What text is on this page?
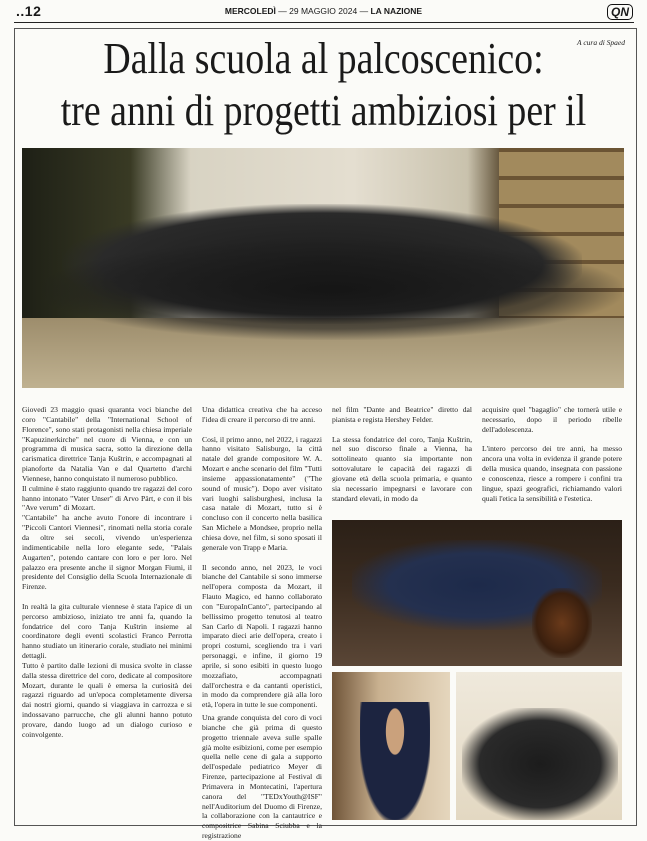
..12	MERCOLEDÌ — 29 MAGGIO 2024 — LA NAZIONE	QN
A cura di Spaed
Dalla scuola al palcoscenico:
tre anni di progetti ambiziosi per il

Giovedì 23 maggio quasi quaranta voci bianche del coro "Cantabile" della "International School of Florence", sono stati protagonisti nella chiesa imperiale "Kapuzinerkirche" nel cuore di Vienna, e con un programma di musica sacra, sotto la direzione della carismatica direttrice Tanja Kuštrin, e accompagnati al pianoforte da Natalia Van e dal Quartetto d'archi Viennese, hanno conquistato il numeroso pubblico.

Il culmine è stato raggiunto quando tre ragazzi del coro hanno intonato "Vater Unser" di Arvo Pärt, e con il bis "Ave verum" di Mozart.

"Cantabile" ha anche avuto l'onore di incontrare i "Piccoli Cantori Viennesi", rinomati nella storia corale da oltre sei secoli, vivendo un'esperienza indimenticabile nella loro elegante sede, "Palais Augarten", potendo cantare con loro e per loro. Nel palazzo era presente anche il signor Morgan Fiumi, il presidente del Consiglio della Scuola Internazionale di Firenze.

In realtà la gita culturale viennese è stata l'apice di un percorso ambizioso, iniziato tre anni fa, quando la fondatrice del coro Tanja Kuštrin insieme al coordinatore degli eventi scolastici Franco Perrotta hanno studiato un itinerario corale, studiato nei minimi dettagli.

Tutto è partito dalle lezioni di musica svolte in classe dalla stessa direttrice del coro, dedicate al compositore Mozart, durante le quali è emersa la curiosità dei ragazzi riguardo ad un'epoca completamente diversa dai nostri giorni, quando si viaggiava in carrozza e si indossavano parrucche, che gli alunni hanno potuto provare, dando luogo ad un dialogo curioso e coinvolgente.

Una didattica creativa che ha acceso l'idea di creare il percorso di tre anni.

Così, il primo anno, nel 2022, i ragazzi hanno visitato Salisburgo, la città natale del grande compositore W. A. Mozart e anche scenario del film "Tutti insieme appassionatamente" ("The sound of music"). Dopo aver visitato vari luoghi salisburghesi, inclusa la casa natale di Mozart, tutto si è concluso con il concerto nella basilica San Michele a Mondsee, proprio nella chiesa dove, nel film, si sono sposati il generale von Trapp e Maria.

Il secondo anno, nel 2023, le voci bianche del Cantabile si sono immerse nell'opera composta da Mozart, il Flauto Magico, ed hanno collaborato con "EuropaInCanto", partecipando al bellissimo progetto tenutosi al teatro San Carlo di Napoli. I ragazzi hanno imparato dieci arie dell'opera, creato i propri costumi, scegliendo tra i vari personaggi, e infine, il giorno 19 aprile, si sono esibiti in questo luogo mozzafiato, accompagnati dall'orchestra e da cantanti operistici, in modo da comprendere già alla loro età, l'opera in tutte le sue componenti.

Una grande conquista del coro di voci bianche che già prima di questo progetto triennale aveva sulle spalle già molte esibizioni, come per esempio quella nelle cene di gala a supporto dell'ospedale pediatrico Meyer di Firenze, partecipazione al Festival di Primavera in Montecatini, l'apertura canora del "TEDxYouth@ISF" nell'Auditorium del Duomo di Firenze, la collaborazione con la cantautrice e compositrice Sabina Sciubba e la registrazione

nel film "Dante and Beatrice" diretto dal pianista e regista Hershey Felder.

La stessa fondatrice del coro, Tanja Kuštrin, nel suo discorso finale a Vienna, ha sottolineato quanto sia importante non sottovalutare le capacità dei ragazzi di giovane età della scuola primaria, e quanto sia necessario impegnarsi e lavorare con standard elevati, in modo da

acquisire quel "bagaglio" che tornerà utile e necessario, dopo il periodo ribelle dell'adolescenza.

L'intero percorso dei tre anni, ha messo ancora una volta in evidenza il grande potere della musica quando, insegnata con passione e conoscenza, riesce a rompere i confini tra lingue, spazi geografici, richiamando valori quali l'etica la sensibilità e l'estetica.
